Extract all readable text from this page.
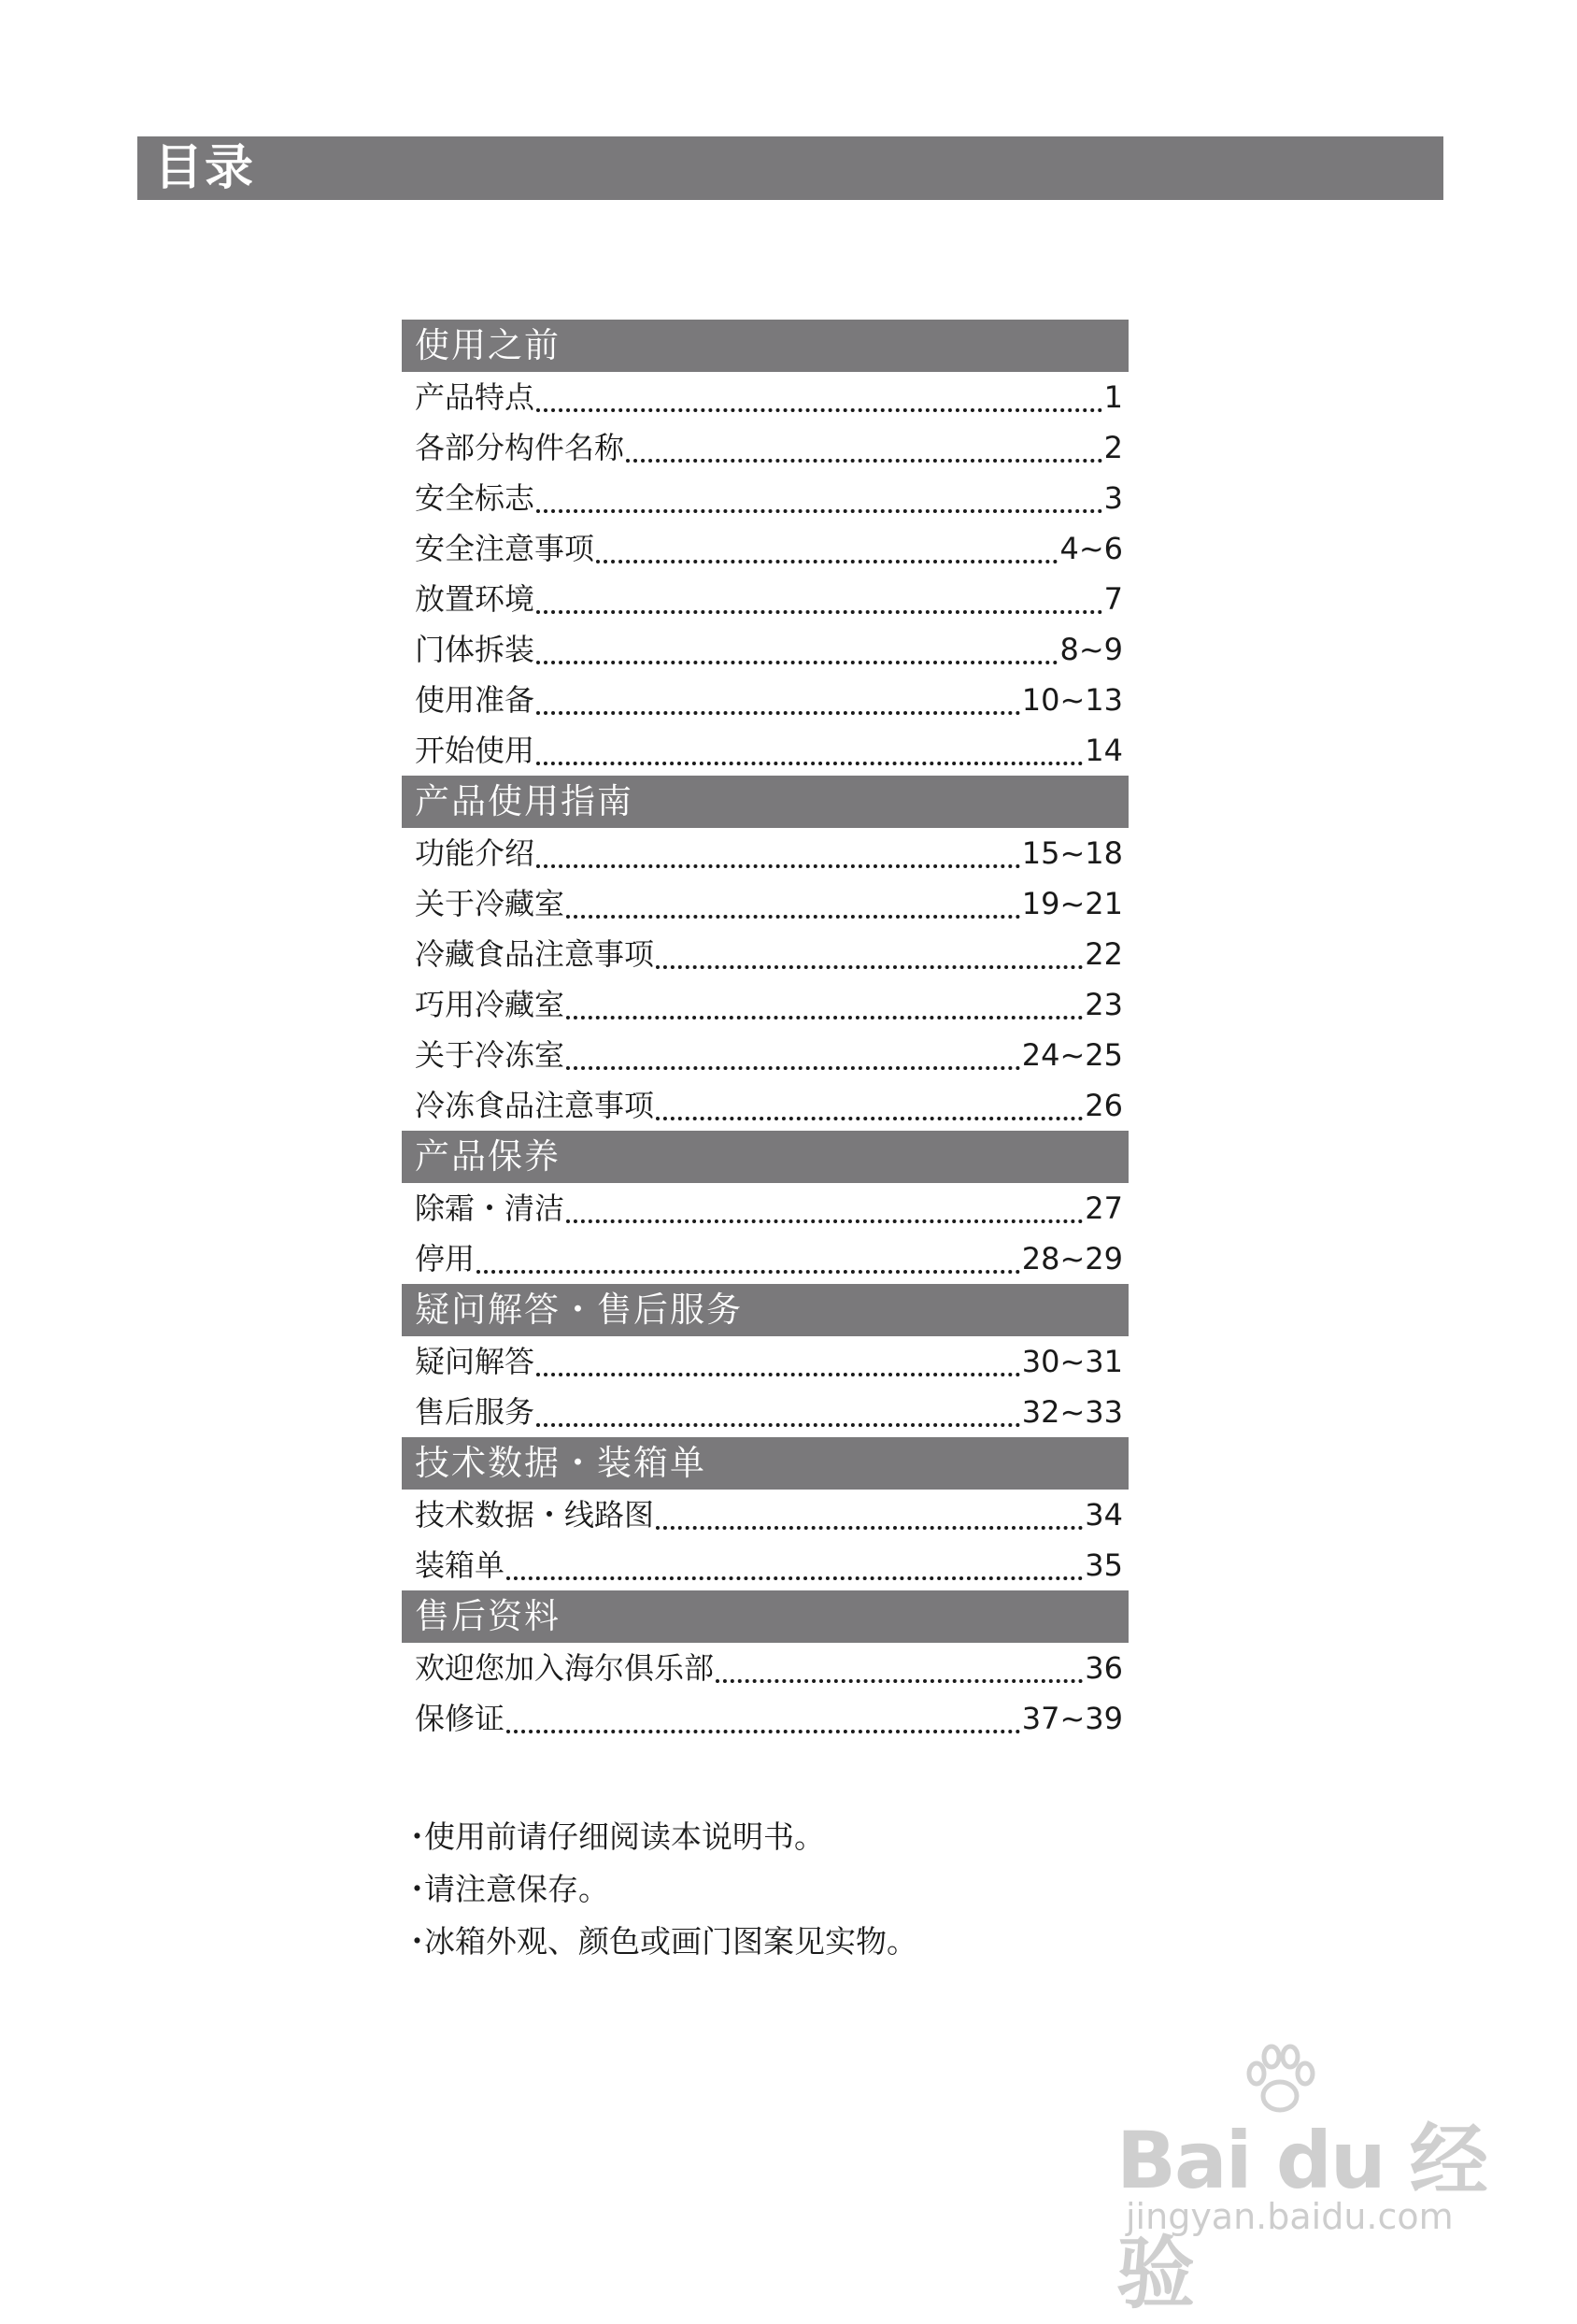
目录
使用之前
产品特点	1
各部分构件名称	2
安全标志	3
安全注意事项	4~6
放置环境	7
门体拆装	8~9
使用准备	10~13
开始使用	14
产品使用指南
功能介绍	15~18
关于冷藏室	19~21
冷藏食品注意事项	22
巧用冷藏室	23
关于冷冻室	24~25
冷冻食品注意事项	26
产品保养
除霜・清洁	27
停用	28~29
疑问解答・售后服务
疑问解答	30~31
售后服务	32~33
技术数据・装箱单
技术数据・线路图	34
装箱单	35
售后资料
欢迎您加入海尔俱乐部	36
保修证	37~39
・使用前请仔细阅读本说明书。
・请注意保存。
・冰箱外观、颜色或画门图案见实物。
Bai du 经验
jingyan.baidu.com
